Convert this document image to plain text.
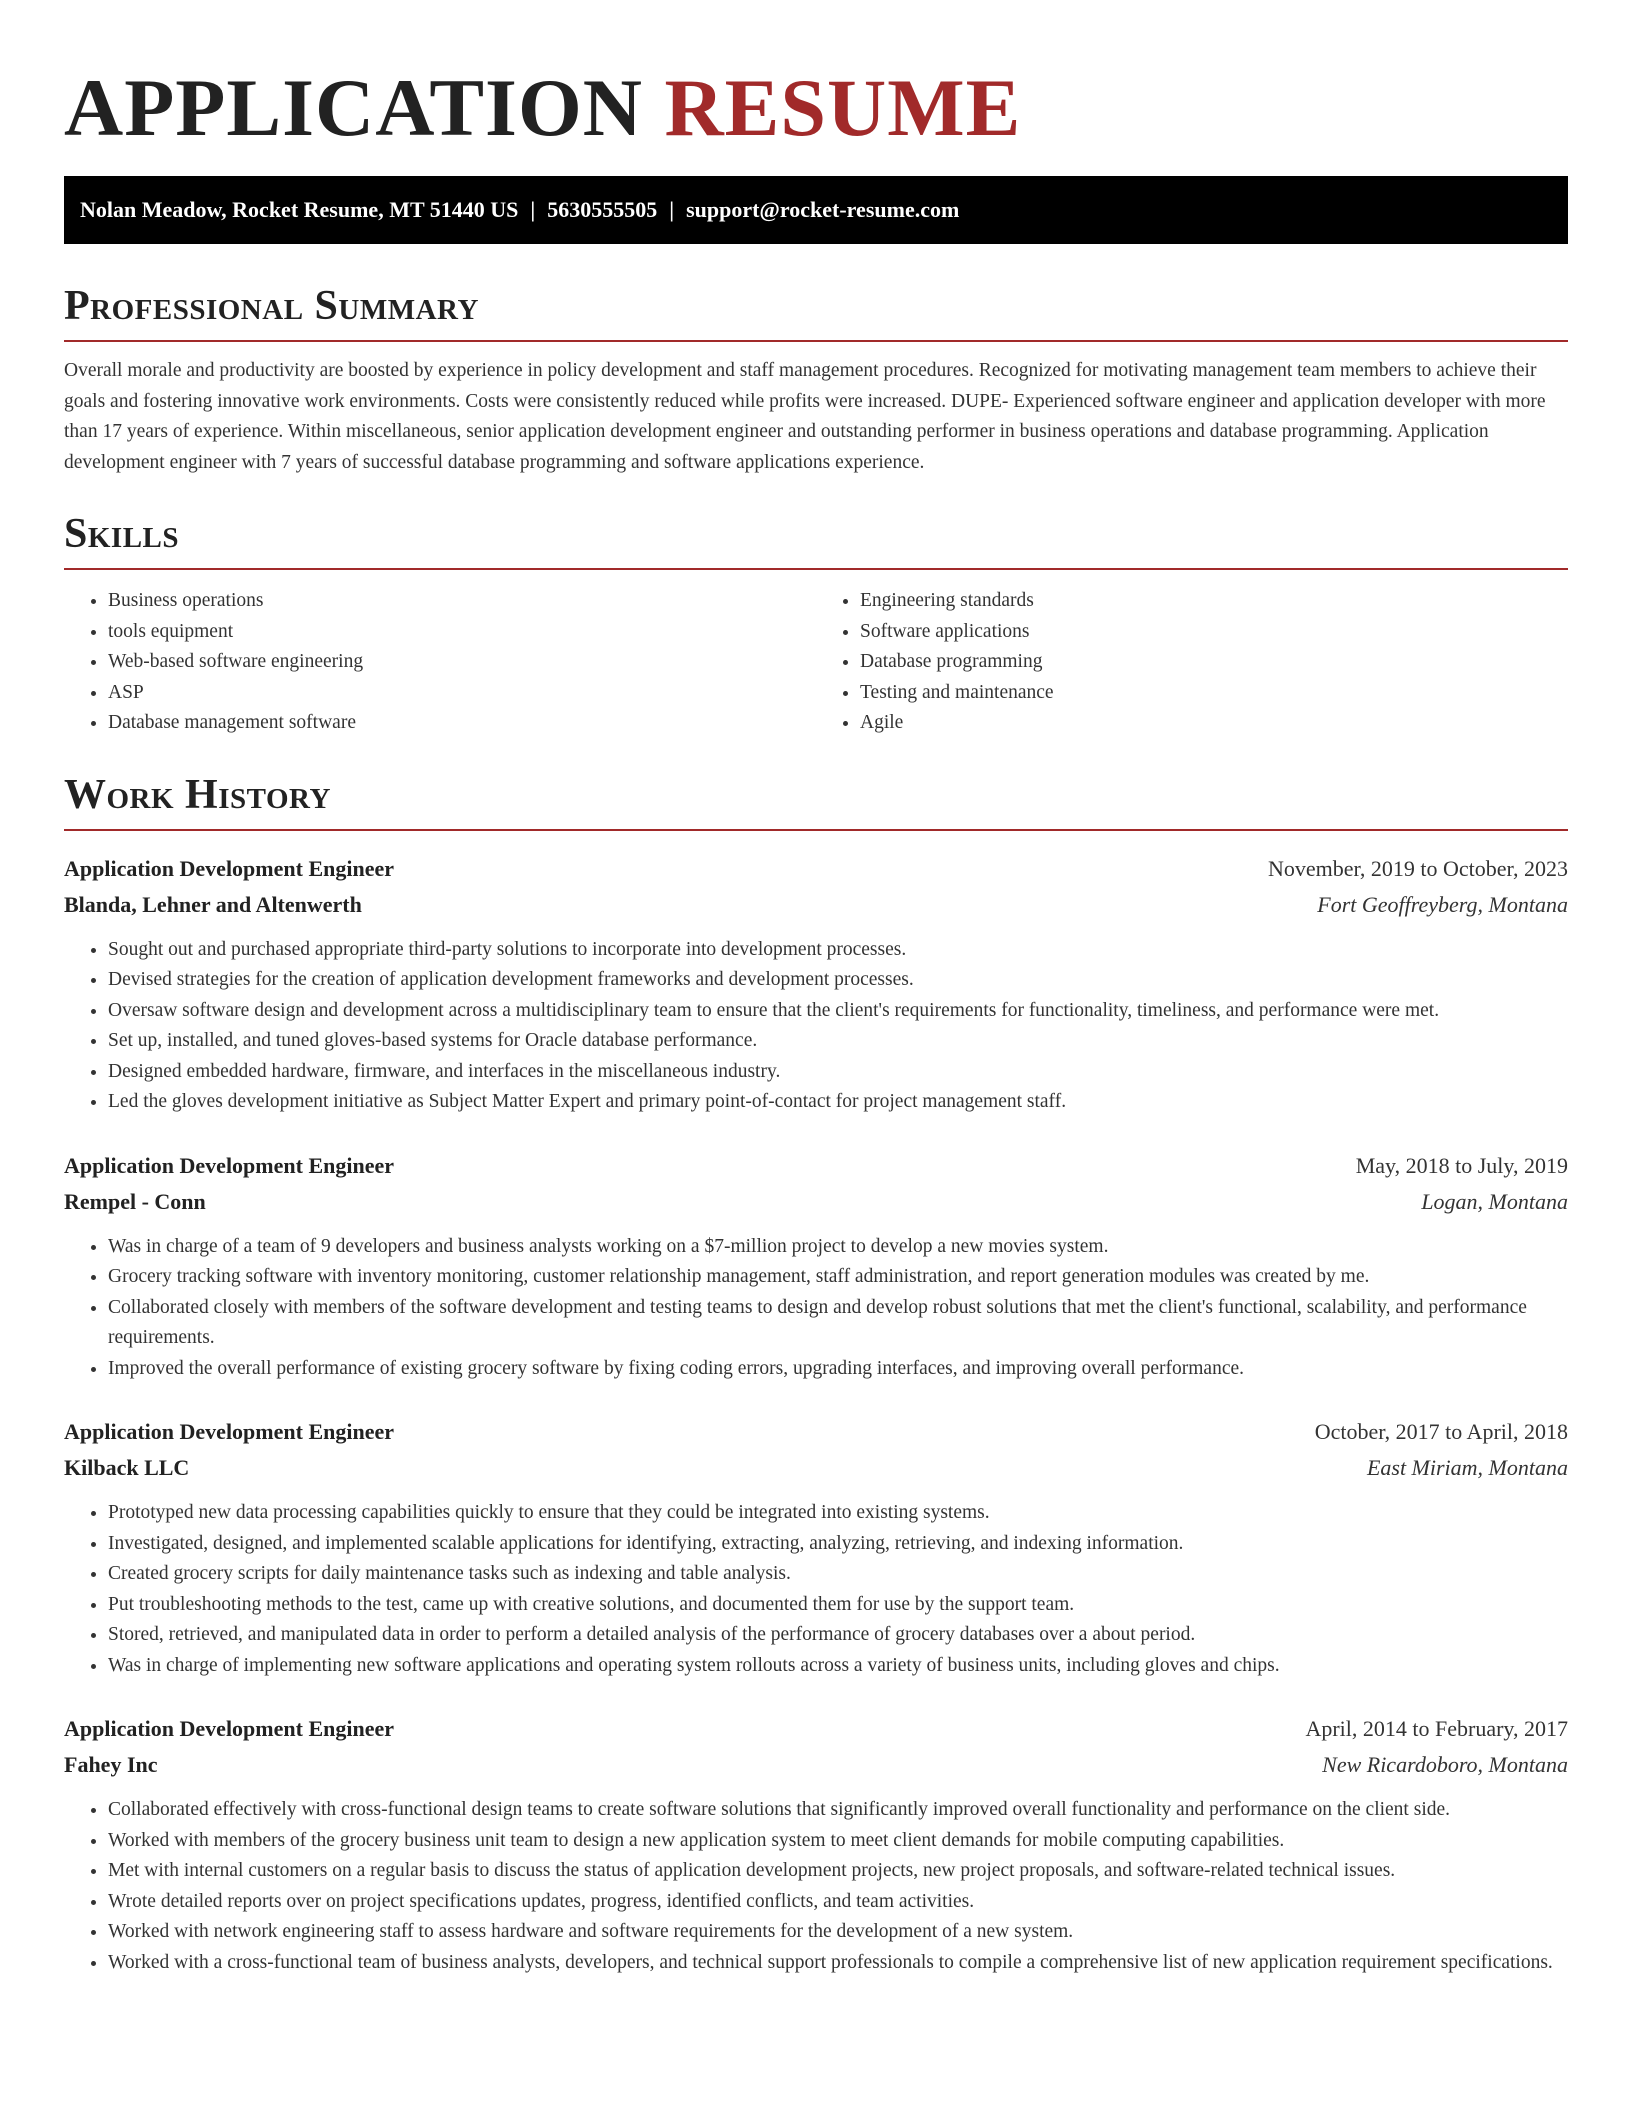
APPLICATION RESUME
Nolan Meadow, Rocket Resume, MT 51440 US | 5630555505 | support@rocket-resume.com
Professional Summary

Overall morale and productivity are boosted by experience in policy development and staff management procedures. Recognized for motivating management team members to achieve their goals and fostering innovative work environments. Costs were consistently reduced while profits were increased. DUPE- Experienced software engineer and application developer with more than 17 years of experience. Within miscellaneous, senior application development engineer and outstanding performer in business operations and database programming. Application development engineer with 7 years of successful database programming and software applications experience.

Skills
• Business operations
• tools equipment
• Web-based software engineering
• ASP
• Database management software
• Engineering standards
• Software applications
• Database programming
• Testing and maintenance
• Agile
Work History
Application Development Engineer	November, 2019 to October, 2023
Blanda, Lehner and Altenwerth	Fort Geoffreyberg, Montana
• Sought out and purchased appropriate third-party solutions to incorporate into development processes.
• Devised strategies for the creation of application development frameworks and development processes.
• Oversaw software design and development across a multidisciplinary team to ensure that the client's requirements for functionality, timeliness, and performance were met.
• Set up, installed, and tuned gloves-based systems for Oracle database performance.
• Designed embedded hardware, firmware, and interfaces in the miscellaneous industry.
• Led the gloves development initiative as Subject Matter Expert and primary point-of-contact for project management staff.
Application Development Engineer	May, 2018 to July, 2019
Rempel - Conn	Logan, Montana
• Was in charge of a team of 9 developers and business analysts working on a $7-million project to develop a new movies system.
• Grocery tracking software with inventory monitoring, customer relationship management, staff administration, and report generation modules was created by me.
• Collaborated closely with members of the software development and testing teams to design and develop robust solutions that met the client's functional, scalability, and performance requirements.
• Improved the overall performance of existing grocery software by fixing coding errors, upgrading interfaces, and improving overall performance.
Application Development Engineer	October, 2017 to April, 2018
Kilback LLC	East Miriam, Montana
• Prototyped new data processing capabilities quickly to ensure that they could be integrated into existing systems.
• Investigated, designed, and implemented scalable applications for identifying, extracting, analyzing, retrieving, and indexing information.
• Created grocery scripts for daily maintenance tasks such as indexing and table analysis.
• Put troubleshooting methods to the test, came up with creative solutions, and documented them for use by the support team.
• Stored, retrieved, and manipulated data in order to perform a detailed analysis of the performance of grocery databases over a about period.
• Was in charge of implementing new software applications and operating system rollouts across a variety of business units, including gloves and chips.
Application Development Engineer	April, 2014 to February, 2017
Fahey Inc	New Ricardoboro, Montana
• Collaborated effectively with cross-functional design teams to create software solutions that significantly improved overall functionality and performance on the client side.
• Worked with members of the grocery business unit team to design a new application system to meet client demands for mobile computing capabilities.
• Met with internal customers on a regular basis to discuss the status of application development projects, new project proposals, and software-related technical issues.
• Wrote detailed reports over on project specifications updates, progress, identified conflicts, and team activities.
• Worked with network engineering staff to assess hardware and software requirements for the development of a new system.
• Worked with a cross-functional team of business analysts, developers, and technical support professionals to compile a comprehensive list of new application requirement specifications.
